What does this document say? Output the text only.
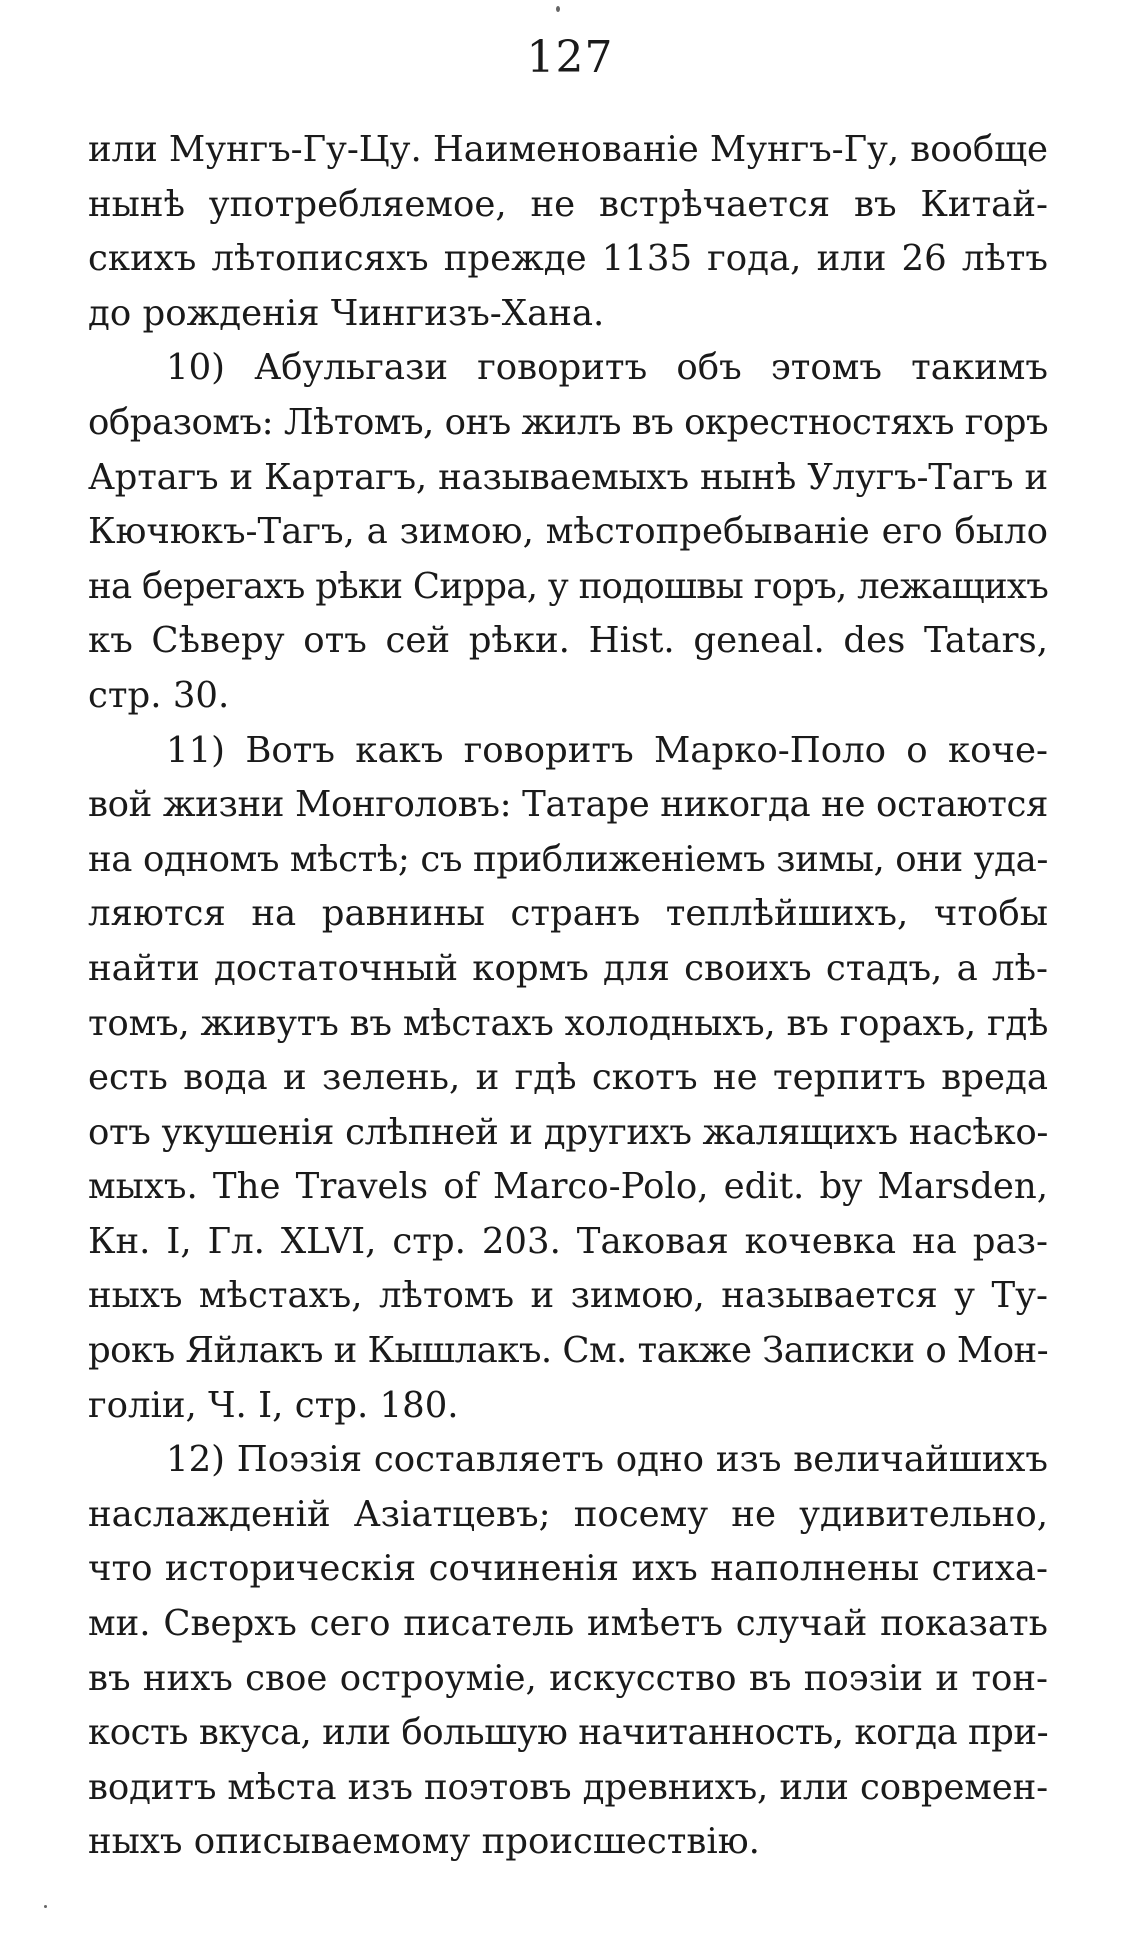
127
или Мунгъ-Гу-Цу. Наименованіе Мунгъ-Гу, вообще
нынѣ употребляемое, не встрѣчается въ Китай-
скихъ лѣтописяхъ прежде 1135 года, или 26 лѣтъ
до рожденія Чингизъ-Хана.
10) Абульгази говоритъ объ этомъ такимъ
образомъ: Лѣтомъ, онъ жилъ въ окрестностяхъ горъ
Артагъ и Картагъ, называемыхъ нынѣ Улугъ-Тагъ и
Кючюкъ-Тагъ, а зимою, мѣстопребываніе его было
на берегахъ рѣки Сирра, у подошвы горъ, лежащихъ
къ Сѣверу отъ сей рѣки. Hist. geneal. des Tatars,
стр. 30.
11) Вотъ какъ говоритъ Марко-Поло о коче-
вой жизни Монголовъ: Татаре никогда не остаются
на одномъ мѣстѣ; съ приближеніемъ зимы, они уда-
ляются на равнины странъ теплѣйшихъ, чтобы
найти достаточный кормъ для своихъ стадъ, а лѣ-
томъ, живутъ въ мѣстахъ холодныхъ, въ горахъ, гдѣ
есть вода и зелень, и гдѣ скотъ не терпитъ вреда
отъ укушенія слѣпней и другихъ жалящихъ насѣко-
мыхъ. The Travels of Marco-Polo, edit. by Marsden,
Кн. I, Гл. XLVI, стр. 203. Таковая кочевка на раз-
ныхъ мѣстахъ, лѣтомъ и зимою, называется у Ту-
рокъ Яйлакъ и Кышлакъ. См. также Записки о Мон-
голіи, Ч. I, стр. 180.
12) Поэзія составляетъ одно изъ величайшихъ
наслажденій Азіатцевъ; посему не удивительно,
что историческія сочиненія ихъ наполнены стиха-
ми. Сверхъ сего писатель имѣетъ случай показать
въ нихъ свое остроуміе, искусство въ поэзіи и тон-
кость вкуса, или большую начитанность, когда при-
водитъ мѣста изъ поэтовъ древнихъ, или современ-
ныхъ описываемому происшествію.
